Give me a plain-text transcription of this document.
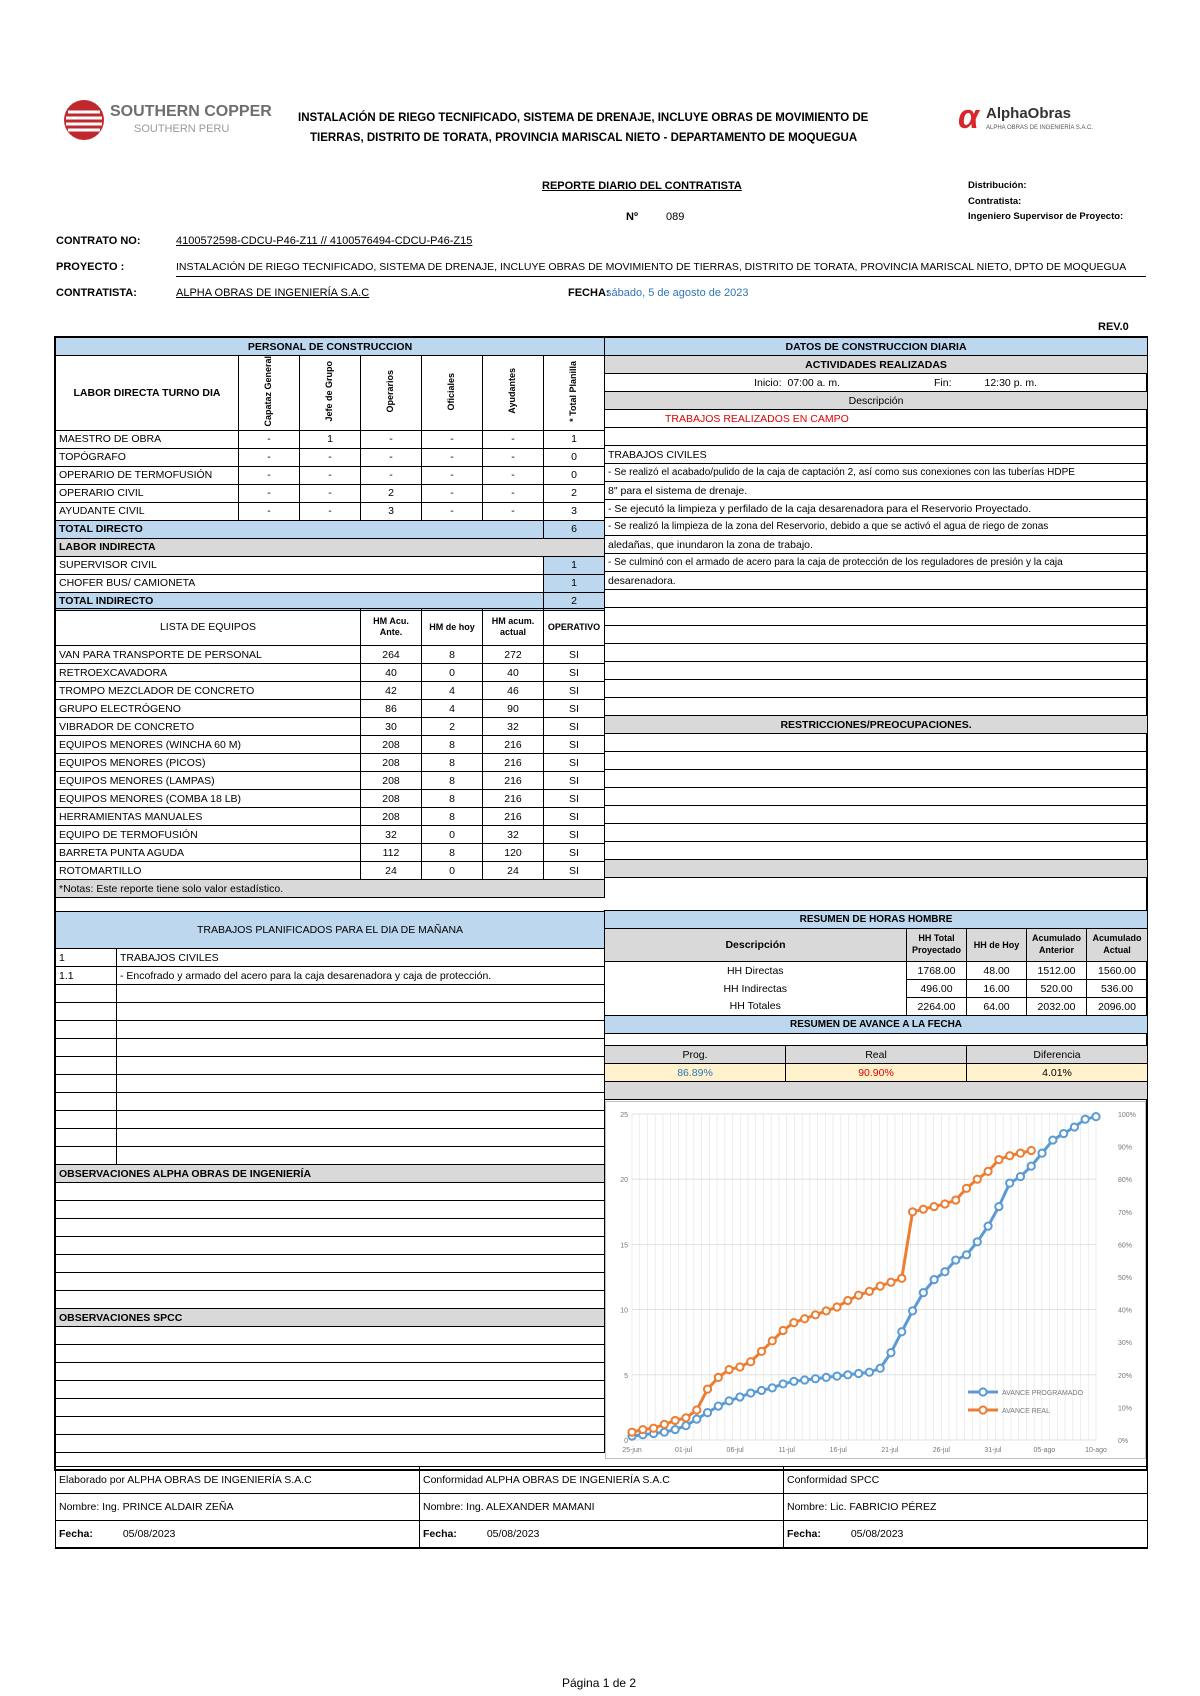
SOUTHERN COPPER
SOUTHERN PERU
INSTALACIÓN DE RIEGO TECNIFICADO, SISTEMA DE DRENAJE, INCLUYE OBRAS DE MOVIMIENTO DE
TIERRAS, DISTRITO DE TORATA, PROVINCIA MARISCAL NIETO - DEPARTAMENTO DE MOQUEGUA
α AlphaObras
ALPHA OBRAS DE INGENIERÍA S.A.C.
REPORTE DIARIO DEL CONTRATISTA
Nº	089
Distribución:
Contratista:
Ingeniero Supervisor de Proyecto:
CONTRATO NO:	4100572598-CDCU-P46-Z11 // 4100576494-CDCU-P46-Z15
PROYECTO :	INSTALACIÓN DE RIEGO TECNIFICADO, SISTEMA DE DRENAJE, INCLUYE OBRAS DE MOVIMIENTO DE TIERRAS, DISTRITO DE TORATA, PROVINCIA MARISCAL NIETO, DPTO DE MOQUEGUA
CONTRATISTA:	ALPHA OBRAS DE INGENIERÍA S.A.C	FECHA:
sábado, 5 de agosto de 2023
REV.0
PERSONAL DE CONSTRUCCION						
LABOR DIRECTA TURNO DIA	Capataz General	Jefe de Grupo	Operarios	Oficiales	Ayudantes	* Total Planilla
MAESTRO DE OBRA	-	1	-	-	-	1
TOPÓGRAFO	-	-	-	-	-	0
OPERARIO DE TERMOFUSIÓN	-	-	-	-	-	0
OPERARIO CIVIL	-	-	2	-	-	2
AYUDANTE CIVIL	-	-	3	-	-	3
TOTAL DIRECTO						6
LABOR INDIRECTA						
SUPERVISOR CIVIL						1
CHOFER BUS/ CAMIONETA						1
TOTAL INDIRECTO						2
LISTA DE EQUIPOS	HM Acu. Ante.	HM de hoy	HM acum. actual	OPERATIVO
VAN PARA TRANSPORTE DE PERSONAL	264	8	272	SI
RETROEXCAVADORA	40	0	40	SI
TROMPO MEZCLADOR DE CONCRETO	42	4	46	SI
GRUPO ELECTRÓGENO	86	4	90	SI
VIBRADOR DE CONCRETO	30	2	32	SI
EQUIPOS MENORES (WINCHA 60 M)	208	8	216	SI
EQUIPOS MENORES (PICOS)	208	8	216	SI
EQUIPOS MENORES (LAMPAS)	208	8	216	SI
EQUIPOS MENORES (COMBA 18 LB)	208	8	216	SI
HERRAMIENTAS MANUALES	208	8	216	SI
EQUIPO DE TERMOFUSIÓN	32	0	32	SI
BARRETA PUNTA AGUDA	112	8	120	SI
ROTOMARTILLO	24	0	24	SI
*Notas: Este reporte tiene solo valor estadístico.				
TRABAJOS PLANIFICADOS PARA EL DIA DE MAÑANA	
1	TRABAJOS CIVILES
1.1	- Encofrado y armado del acero para la caja desarenadora y caja de protección.

OBSERVACIONES ALPHA OBRAS DE INGENIERÍA	

OBSERVACIONES SPCC	

DATOS DE CONSTRUCCION DIARIA
ACTIVIDADES REALIZADAS
	Inicio:	07:00 a. m.	Fin:	12:30 p. m.
Descripción
TRABAJOS REALIZADOS EN CAMPO

TRABAJOS CIVILES
- Se realizó el acabado/pulido de la caja de captación 2, así como sus conexiones con las tuberías HDPE
8" para el sistema de drenaje.
- Se ejecutó la limpieza y perfilado de la caja desarenadora para el Reservorio Proyectado.
- Se realizó la limpieza de la zona del Reservorio, debido a que se activó el agua de riego de zonas
aledañas, que inundaron la zona de trabajo.
- Se culminó con el armado de acero para la caja de protección de los reguladores de presión y la caja
desarenadora.

RESTRICCIONES/PREOCUPACIONES.

RESUMEN DE HORAS HOMBRE				
Descripción	HH Total Proyectado	HH de Hoy	Acumulado Anterior	Acumulado Actual
HH Directas	1768.00	48.00	1512.00	1560.00
HH Indirectas	496.00	16.00	520.00	536.00
HH Totales	2264.00	64.00	2032.00	2096.00
RESUMEN DE AVANCE A LA FECHA				
Prog.	Real	Diferencia
86.89%	90.90%	4.01%

25
20
15
10
5
0
100%
90%
80%
70%
60%
50%
40%
30%
20%
10%
0%
25-jun	01-jul	06-jul	11-jul	16-jul	21-jul	26-jul	31-jul	05-ago	10-ago
AVANCE PROGRAMADO
AVANCE REAL
Elaborado por ALPHA OBRAS DE INGENIERÍA S.A.C	Conformidad ALPHA OBRAS DE INGENIERÍA S.A.C	Conformidad SPCC
Nombre: Ing. PRINCE ALDAIR ZEÑA	Nombre: Ing. ALEXANDER MAMANI	Nombre: Lic. FABRICIO PÉREZ
Fecha: 05/08/2023	Fecha: 05/08/2023	Fecha: 05/08/2023
Página 1 de 2
